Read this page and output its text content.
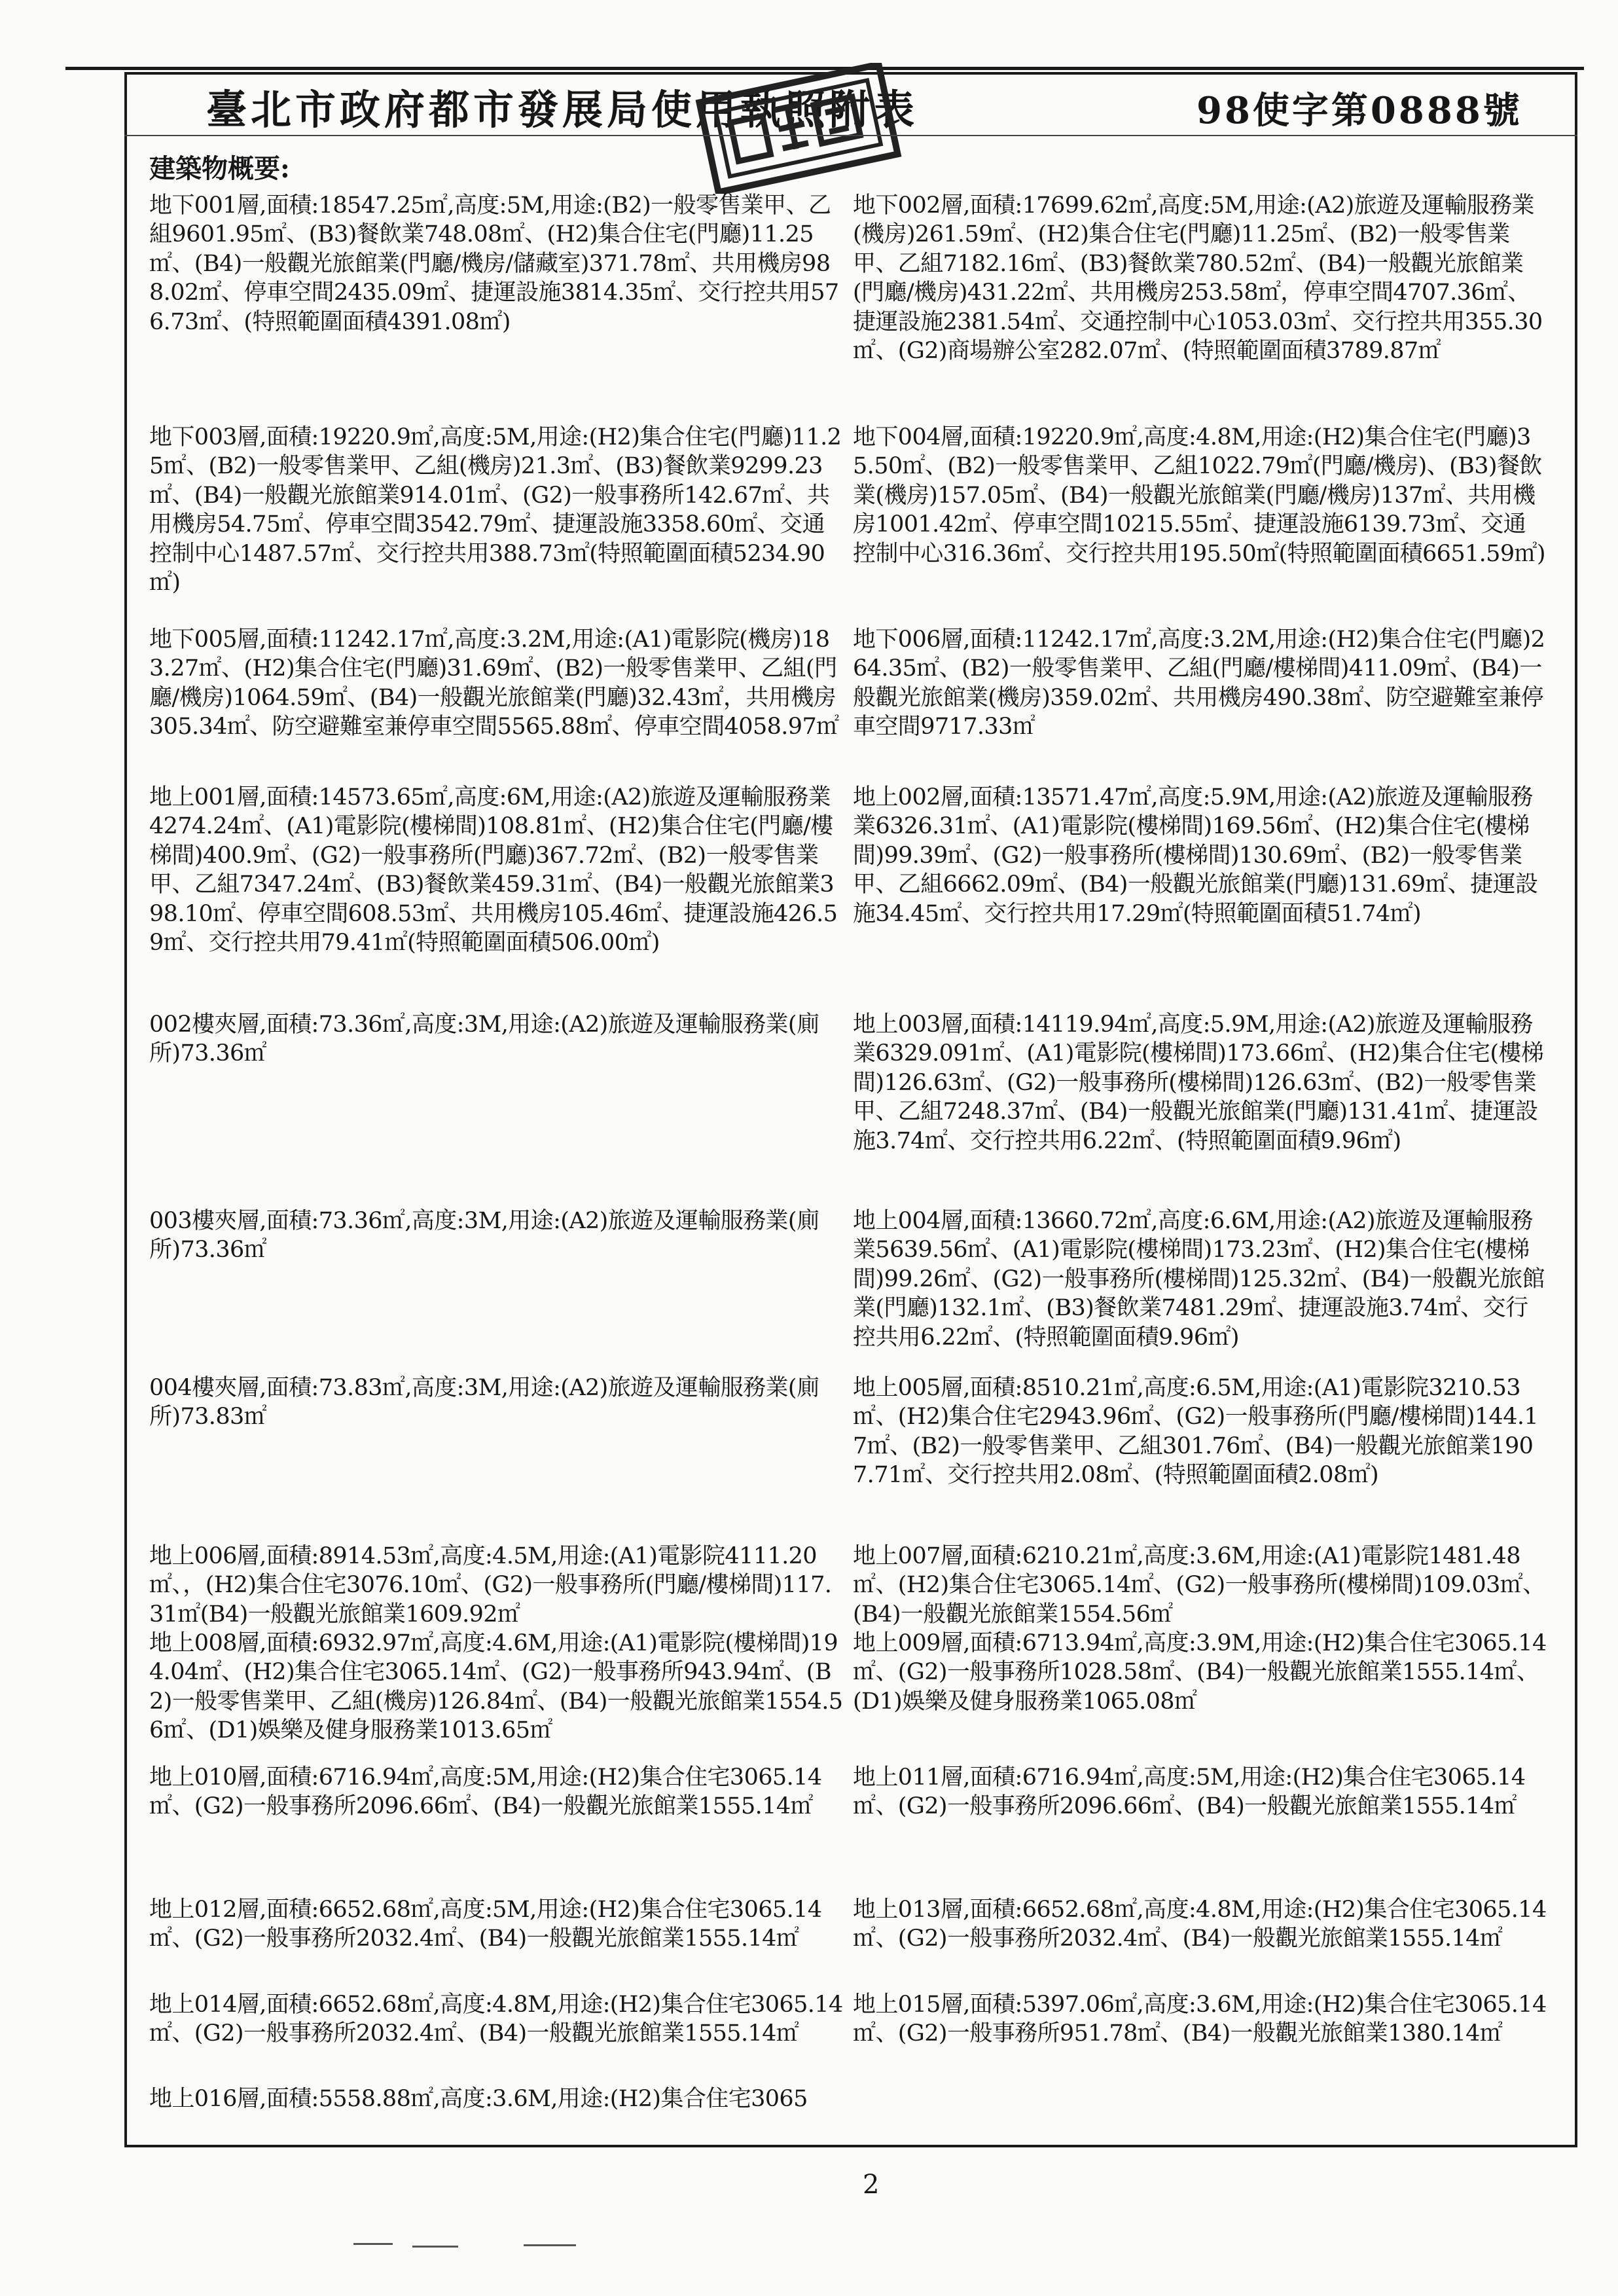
臺北市政府都市發展局使用執照附表	98使字第0888號
建築物概要:
地下001層,面積:18547.25㎡,高度:5M,用途:(B2)一般零售業甲、乙組9601.95㎡、(B3)餐飲業748.08㎡、(H2)集合住宅(門廳)11.25㎡、(B4)一般觀光旅館業(門廳/機房/儲藏室)371.78㎡、共用機房988.02㎡、停車空間2435.09㎡、捷運設施3814.35㎡、交行控共用576.73㎡、(特照範圍面積4391.08㎡)
地下002層,面積:17699.62㎡,高度:5M,用途:(A2)旅遊及運輸服務業(機房)261.59㎡、(H2)集合住宅(門廳)11.25㎡、(B2)一般零售業甲、乙組7182.16㎡、(B3)餐飲業780.52㎡、(B4)一般觀光旅館業(門廳/機房)431.22㎡、共用機房253.58㎡，停車空間4707.36㎡、捷運設施2381.54㎡、交通控制中心1053.03㎡、交行控共用355.30㎡、(G2)商場辦公室282.07㎡、(特照範圍面積3789.87㎡
地下003層,面積:19220.9㎡,高度:5M,用途:(H2)集合住宅(門廳)11.25㎡、(B2)一般零售業甲、乙組(機房)21.3㎡、(B3)餐飲業9299.23㎡、(B4)一般觀光旅館業914.01㎡、(G2)一般事務所142.67㎡、共用機房54.75㎡、停車空間3542.79㎡、捷運設施3358.60㎡、交通控制中心1487.57㎡、交行控共用388.73㎡(特照範圍面積5234.90㎡)
地下004層,面積:19220.9㎡,高度:4.8M,用途:(H2)集合住宅(門廳)35.50㎡、(B2)一般零售業甲、乙組1022.79㎡(門廳/機房)、(B3)餐飲業(機房)157.05㎡、(B4)一般觀光旅館業(門廳/機房)137㎡、共用機房1001.42㎡、停車空間10215.55㎡、捷運設施6139.73㎡、交通控制中心316.36㎡、交行控共用195.50㎡(特照範圍面積6651.59㎡)
地下005層,面積:11242.17㎡,高度:3.2M,用途:(A1)電影院(機房)183.27㎡、(H2)集合住宅(門廳)31.69㎡、(B2)一般零售業甲、乙組(門廳/機房)1064.59㎡、(B4)一般觀光旅館業(門廳)32.43㎡，共用機房305.34㎡、防空避難室兼停車空間5565.88㎡、停車空間4058.97㎡
地下006層,面積:11242.17㎡,高度:3.2M,用途:(H2)集合住宅(門廳)264.35㎡、(B2)一般零售業甲、乙組(門廳/樓梯間)411.09㎡、(B4)一般觀光旅館業(機房)359.02㎡、共用機房490.38㎡、防空避難室兼停車空間9717.33㎡
地上001層,面積:14573.65㎡,高度:6M,用途:(A2)旅遊及運輸服務業4274.24㎡、(A1)電影院(樓梯間)108.81㎡、(H2)集合住宅(門廳/樓梯間)400.9㎡、(G2)一般事務所(門廳)367.72㎡、(B2)一般零售業甲、乙組7347.24㎡、(B3)餐飲業459.31㎡、(B4)一般觀光旅館業398.10㎡、停車空間608.53㎡、共用機房105.46㎡、捷運設施426.59㎡、交行控共用79.41㎡(特照範圍面積506.00㎡)
地上002層,面積:13571.47㎡,高度:5.9M,用途:(A2)旅遊及運輸服務業6326.31㎡、(A1)電影院(樓梯間)169.56㎡、(H2)集合住宅(樓梯間)99.39㎡、(G2)一般事務所(樓梯間)130.69㎡、(B2)一般零售業甲、乙組6662.09㎡、(B4)一般觀光旅館業(門廳)131.69㎡、捷運設施34.45㎡、交行控共用17.29㎡(特照範圍面積51.74㎡)
002樓夾層,面積:73.36㎡,高度:3M,用途:(A2)旅遊及運輸服務業(廁所)73.36㎡
地上003層,面積:14119.94㎡,高度:5.9M,用途:(A2)旅遊及運輸服務業6329.091㎡、(A1)電影院(樓梯間)173.66㎡、(H2)集合住宅(樓梯間)126.63㎡、(G2)一般事務所(樓梯間)126.63㎡、(B2)一般零售業甲、乙組7248.37㎡、(B4)一般觀光旅館業(門廳)131.41㎡、捷運設施3.74㎡、交行控共用6.22㎡、(特照範圍面積9.96㎡)
003樓夾層,面積:73.36㎡,高度:3M,用途:(A2)旅遊及運輸服務業(廁所)73.36㎡
地上004層,面積:13660.72㎡,高度:6.6M,用途:(A2)旅遊及運輸服務業5639.56㎡、(A1)電影院(樓梯間)173.23㎡、(H2)集合住宅(樓梯間)99.26㎡、(G2)一般事務所(樓梯間)125.32㎡、(B4)一般觀光旅館業(門廳)132.1㎡、(B3)餐飲業7481.29㎡、捷運設施3.74㎡、交行控共用6.22㎡、(特照範圍面積9.96㎡)
004樓夾層,面積:73.83㎡,高度:3M,用途:(A2)旅遊及運輸服務業(廁所)73.83㎡
地上005層,面積:8510.21㎡,高度:6.5M,用途:(A1)電影院3210.53㎡、(H2)集合住宅2943.96㎡、(G2)一般事務所(門廳/樓梯間)144.17㎡、(B2)一般零售業甲、乙組301.76㎡、(B4)一般觀光旅館業1907.71㎡、交行控共用2.08㎡、(特照範圍面積2.08㎡)
地上006層,面積:8914.53㎡,高度:4.5M,用途:(A1)電影院4111.20㎡、，(H2)集合住宅3076.10㎡、(G2)一般事務所(門廳/樓梯間)117.31㎡(B4)一般觀光旅館業1609.92㎡
地上007層,面積:6210.21㎡,高度:3.6M,用途:(A1)電影院1481.48㎡、(H2)集合住宅3065.14㎡、(G2)一般事務所(樓梯間)109.03㎡、(B4)一般觀光旅館業1554.56㎡
地上008層,面積:6932.97㎡,高度:4.6M,用途:(A1)電影院(樓梯間)194.04㎡、(H2)集合住宅3065.14㎡、(G2)一般事務所943.94㎡、(B2)一般零售業甲、乙組(機房)126.84㎡、(B4)一般觀光旅館業1554.56㎡、(D1)娛樂及健身服務業1013.65㎡
地上009層,面積:6713.94㎡,高度:3.9M,用途:(H2)集合住宅3065.14㎡、(G2)一般事務所1028.58㎡、(B4)一般觀光旅館業1555.14㎡、(D1)娛樂及健身服務業1065.08㎡
地上010層,面積:6716.94㎡,高度:5M,用途:(H2)集合住宅3065.14㎡、(G2)一般事務所2096.66㎡、(B4)一般觀光旅館業1555.14㎡
地上011層,面積:6716.94㎡,高度:5M,用途:(H2)集合住宅3065.14㎡、(G2)一般事務所2096.66㎡、(B4)一般觀光旅館業1555.14㎡
地上012層,面積:6652.68㎡,高度:5M,用途:(H2)集合住宅3065.14㎡、(G2)一般事務所2032.4㎡、(B4)一般觀光旅館業1555.14㎡
地上013層,面積:6652.68㎡,高度:4.8M,用途:(H2)集合住宅3065.14㎡、(G2)一般事務所2032.4㎡、(B4)一般觀光旅館業1555.14㎡
地上014層,面積:6652.68㎡,高度:4.8M,用途:(H2)集合住宅3065.14㎡、(G2)一般事務所2032.4㎡、(B4)一般觀光旅館業1555.14㎡
地上015層,面積:5397.06㎡,高度:3.6M,用途:(H2)集合住宅3065.14㎡、(G2)一般事務所951.78㎡、(B4)一般觀光旅館業1380.14㎡
地上016層,面積:5558.88㎡,高度:3.6M,用途:(H2)集合住宅3065
2
